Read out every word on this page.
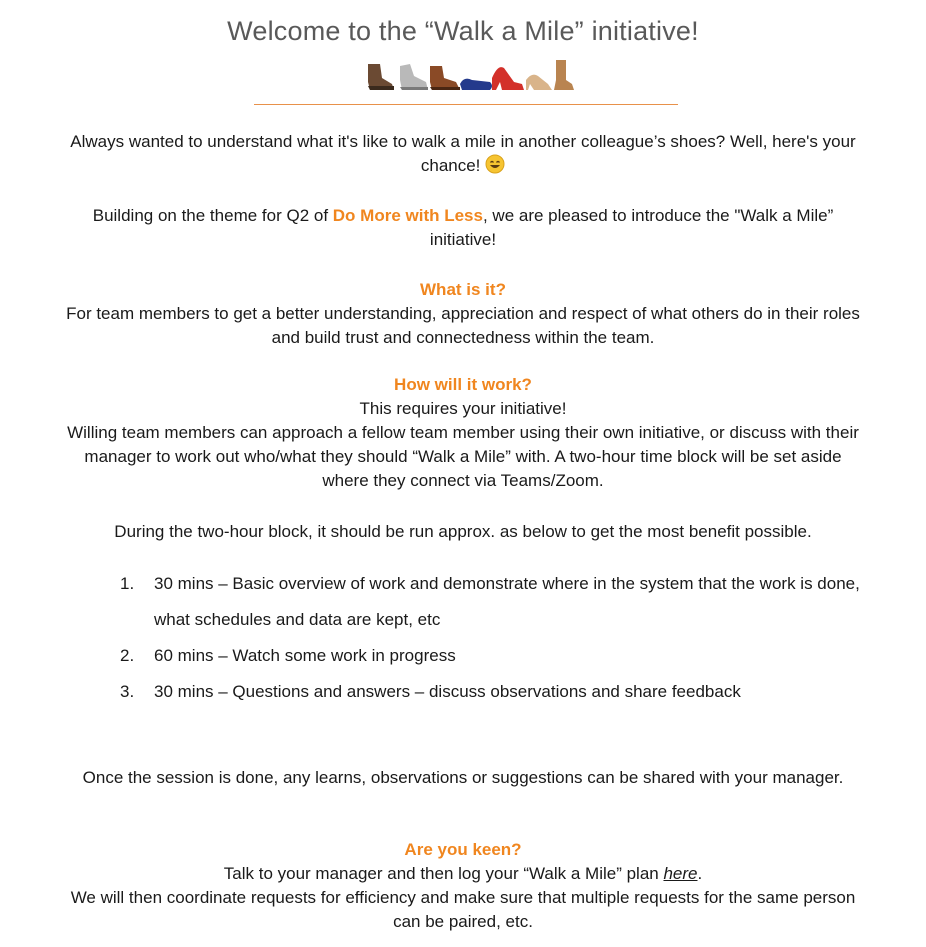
Welcome to the “Walk a Mile” initiative!
Always wanted to understand what it's like to walk a mile in another colleague’s shoes? Well, here's your chance!
Building on the theme for Q2 of Do More with Less, we are pleased to introduce the "Walk a Mile” initiative!
What is it?
For team members to get a better understanding, appreciation and respect of what others do in their roles and build trust and connectedness within the team.
How will it work?
This requires your initiative!
Willing team members can approach a fellow team member using their own initiative, or discuss with their manager to work out who/what they should “Walk a Mile” with. A two-hour time block will be set aside where they connect via Teams/Zoom.
During the two-hour block, it should be run approx. as below to get the most benefit possible.
1. 30 mins – Basic overview of work and demonstrate where in the system that the work is done, what schedules and data are kept, etc
2. 60 mins – Watch some work in progress
3. 30 mins – Questions and answers – discuss observations and share feedback
Once the session is done, any learns, observations or suggestions can be shared with your manager.
Are you keen?
Talk to your manager and then log your “Walk a Mile” plan here.
We will then coordinate requests for efficiency and make sure that multiple requests for the same person can be paired, etc.
